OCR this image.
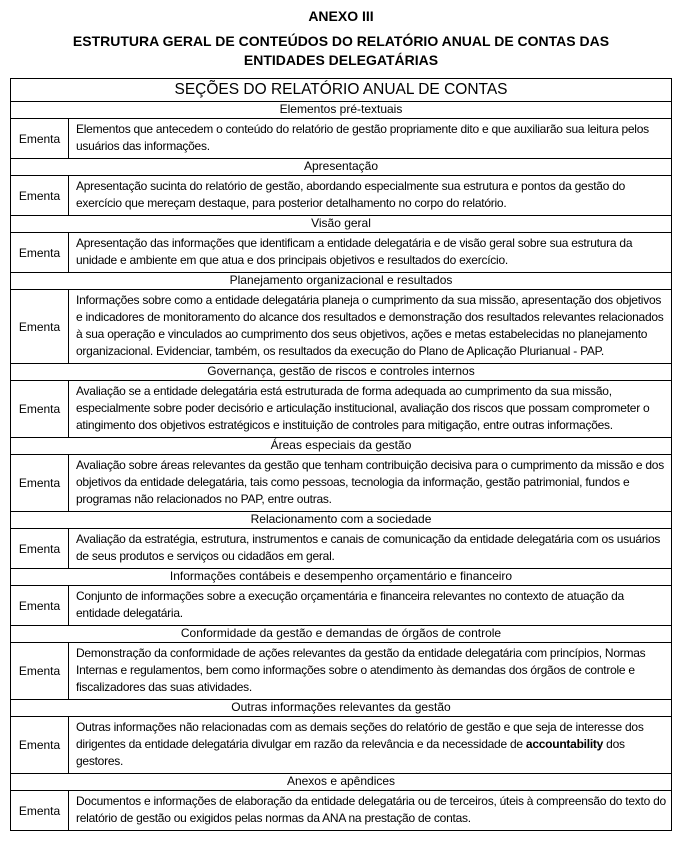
ANEXO III
ESTRUTURA GERAL DE CONTEÚDOS DO RELATÓRIO ANUAL DE CONTAS DAS ENTIDADES DELEGATÁRIAS
SEÇÕES DO RELATÓRIO ANUAL DE CONTAS	
Elementos pré-textuais	
Ementa	Elementos que antecedem o conteúdo do relatório de gestão propriamente dito e que auxiliarão sua leitura pelos usuários das informações.
Apresentação	
Ementa	Apresentação sucinta do relatório de gestão, abordando especialmente sua estrutura e pontos da gestão do exercício que mereçam destaque, para posterior detalhamento no corpo do relatório.
Visão geral	
Ementa	Apresentação das informações que identificam a entidade delegatária e de visão geral sobre sua estrutura da unidade e ambiente em que atua e dos principais objetivos e resultados do exercício.
Planejamento organizacional e resultados	
Ementa	Informações sobre como a entidade delegatária planeja o cumprimento da sua missão, apresentação dos objetivos e indicadores de monitoramento do alcance dos resultados e demonstração dos resultados relevantes relacionados à sua operação e vinculados ao cumprimento dos seus objetivos, ações e metas estabelecidas no planejamento organizacional. Evidenciar, também, os resultados da execução do Plano de Aplicação Plurianual - PAP.
Governança, gestão de riscos e controles internos	
Ementa	Avaliação se a entidade delegatária está estruturada de forma adequada ao cumprimento da sua missão, especialmente sobre poder decisório e articulação institucional, avaliação dos riscos que possam comprometer o atingimento dos objetivos estratégicos e instituição de controles para mitigação, entre outras informações.
Áreas especiais da gestão	
Ementa	Avaliação sobre áreas relevantes da gestão que tenham contribuição decisiva para o cumprimento da missão e dos objetivos da entidade delegatária, tais como pessoas, tecnologia da informação, gestão patrimonial, fundos e programas não relacionados no PAP, entre outras.
Relacionamento com a sociedade	
Ementa	Avaliação da estratégia, estrutura, instrumentos e canais de comunicação da entidade delegatária com os usuários de seus produtos e serviços ou cidadãos em geral.
Informações contábeis e desempenho orçamentário e financeiro	
Ementa	Conjunto de informações sobre a execução orçamentária e financeira relevantes no contexto de atuação da entidade delegatária.
Conformidade da gestão e demandas de órgãos de controle	
Ementa	Demonstração da conformidade de ações relevantes da gestão da entidade delegatária com princípios, Normas Internas e regulamentos, bem como informações sobre o atendimento às demandas dos órgãos de controle e fiscalizadores das suas atividades.
Outras informações relevantes da gestão	
Ementa	Outras informações não relacionadas com as demais seções do relatório de gestão e que seja de interesse dos dirigentes da entidade delegatária divulgar em razão da relevância e da necessidade de accountability dos gestores.
Anexos e apêndices	
Ementa	Documentos e informações de elaboração da entidade delegatária ou de terceiros, úteis à compreensão do texto do relatório de gestão ou exigidos pelas normas da ANA na prestação de contas.
